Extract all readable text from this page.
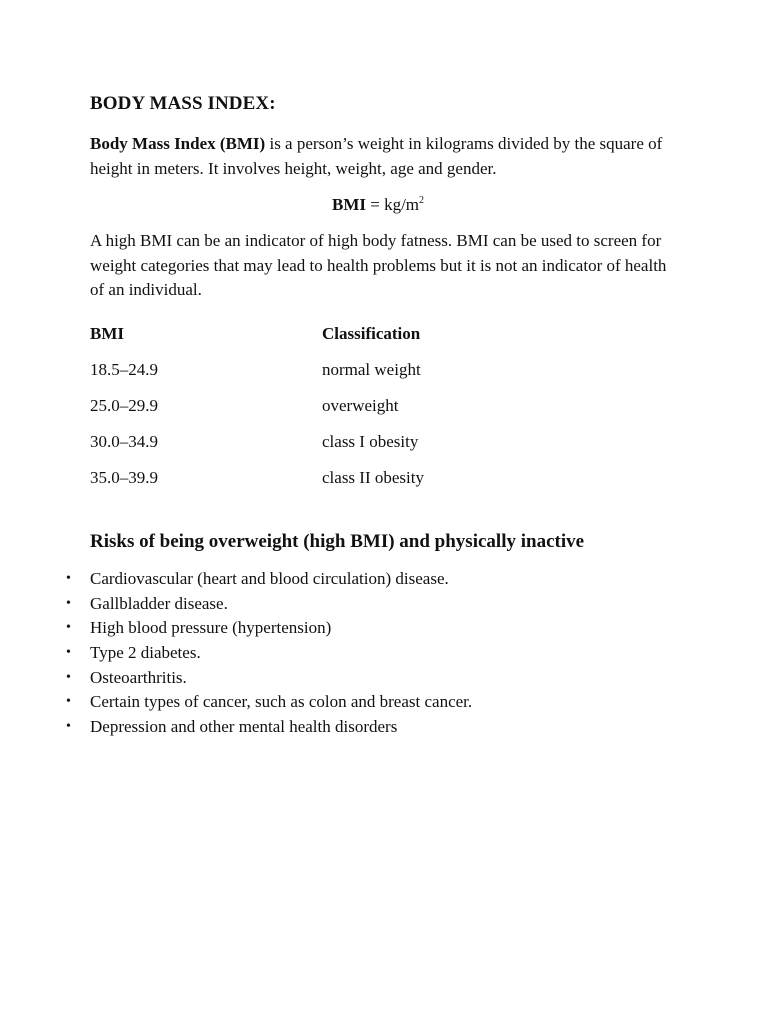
BODY MASS INDEX:

Body Mass Index (BMI) is a person’s weight in kilograms divided by the square of height in meters. It involves height, weight, age and gender.

BMI = $kg/m^2$

A high BMI can be an indicator of high body fatness. BMI can be used to screen for weight categories that may lead to health problems but it is not an indicator of health of an individual.

BMI	Classification
18.5–24.9	normal weight
25.0–29.9	overweight
30.0–34.9	class I obesity
35.0–39.9	class II obesity
Risks of being overweight (high BMI) and physically inactive
• Cardiovascular (heart and blood circulation) disease.
• Gallbladder disease.
• High blood pressure (hypertension)
• Type 2 diabetes.
• Osteoarthritis.
• Certain types of cancer, such as colon and breast cancer.
• Depression and other mental health disorders
